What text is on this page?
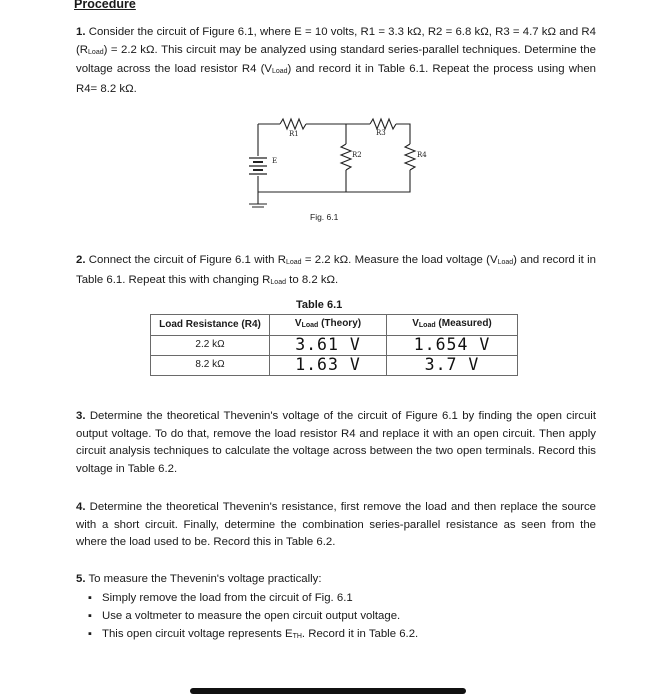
Procedure
1. Consider the circuit of Figure 6.1, where E = 10 volts, R1 = 3.3 kΩ, R2 = 6.8 kΩ, R3 = 4.7 kΩ and R4 $(R_{Load}) = 2.2$ kΩ. This circuit may be analyzed using standard series-parallel techniques. Determine the voltage across the load resistor R4 $(V_{Load})$ and record it in Table 6.1. Repeat the process using when R4= 8.2 kΩ.
R1	R3
R2	R4
E
Fig. 6.1
2. Connect the circuit of Figure 6.1 with $R_{Load} = 2.2$ kΩ. Measure the load voltage $(V_{Load})$ and record it in Table 6.1. Repeat this with changing $R_{Load}$ to 8.2 kΩ.
Table 6.1
Load Resistance (R4)	$V_{Load}$ (Theory)	$V_{Load}$ (Measured)
2.2 kΩ	3.61 V	1.654 V
8.2 kΩ	1.63 V	3.7 V
3. Determine the theoretical Thevenin's voltage of the circuit of Figure 6.1 by finding the open circuit output voltage. To do that, remove the load resistor R4 and replace it with an open circuit. Then apply circuit analysis techniques to calculate the voltage across between the two open terminals. Record this voltage in Table 6.2.
4. Determine the theoretical Thevenin's resistance, first remove the load and then replace the source with a short circuit. Finally, determine the combination series-parallel resistance as seen from the where the load used to be. Record this in Table 6.2.
5. To measure the Thevenin's voltage practically:
▪ Simply remove the load from the circuit of Fig. 6.1
▪ Use a voltmeter to measure the open circuit output voltage.
▪ This open circuit voltage represents $E_{TH}$. Record it in Table 6.2.
